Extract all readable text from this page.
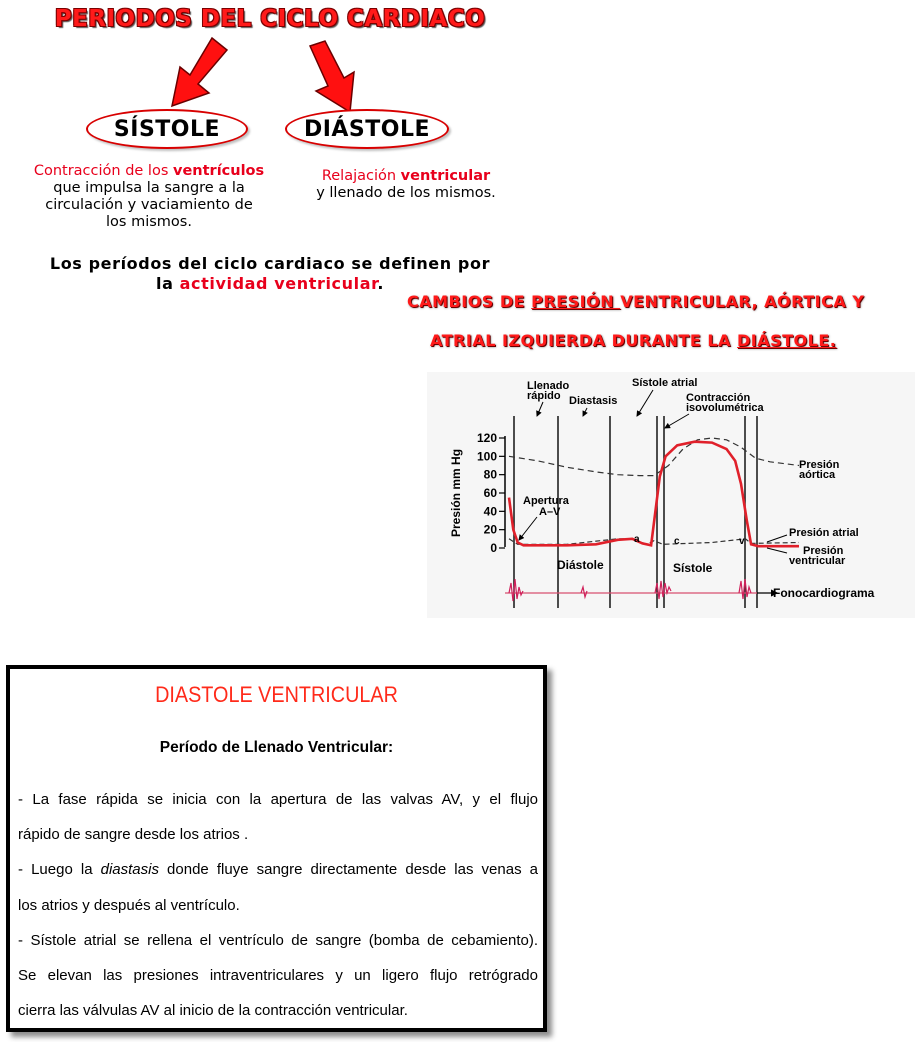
PERIODOS DEL CICLO CARDIACO
SÍSTOLE	DIÁSTOLE
Contracción de los ventrículos
que impulsa la sangre a la
circulación y vaciamiento de
los mismos.
Relajación ventricular
y llenado de los mismos.
Los períodos del ciclo cardiaco se definen por
la actividad ventricular.
CAMBIOS DE PRESIÓN VENTRICULAR, AÓRTICA Y
ATRIAL IZQUIERDA DURANTE LA DIÁSTOLE.
120
100
80
60
40
20
0
Presión mm Hg
Llenado
rápido Diastasis
Sístole atrial
Contracción
isovolumétrica
Apertura
A–V
a	c	v
Presión
aórtica
Presión atrial
Presión
ventricular
Diástole	Sístole
Fonocardiograma
DIASTOLE VENTRICULAR
Período de Llenado Ventricular:

- La fase rápida se inicia con la apertura de las valvas AV, y el flujo

rápido de sangre desde los atrios .

- Luego la diastasis donde fluye sangre directamente desde las venas a

los atrios y después al ventrículo.

- Sístole atrial se rellena el ventrículo de sangre (bomba de cebamiento).

Se elevan las presiones intraventriculares y un ligero flujo retrógrado

cierra las válvulas AV al inicio de la contracción ventricular.
